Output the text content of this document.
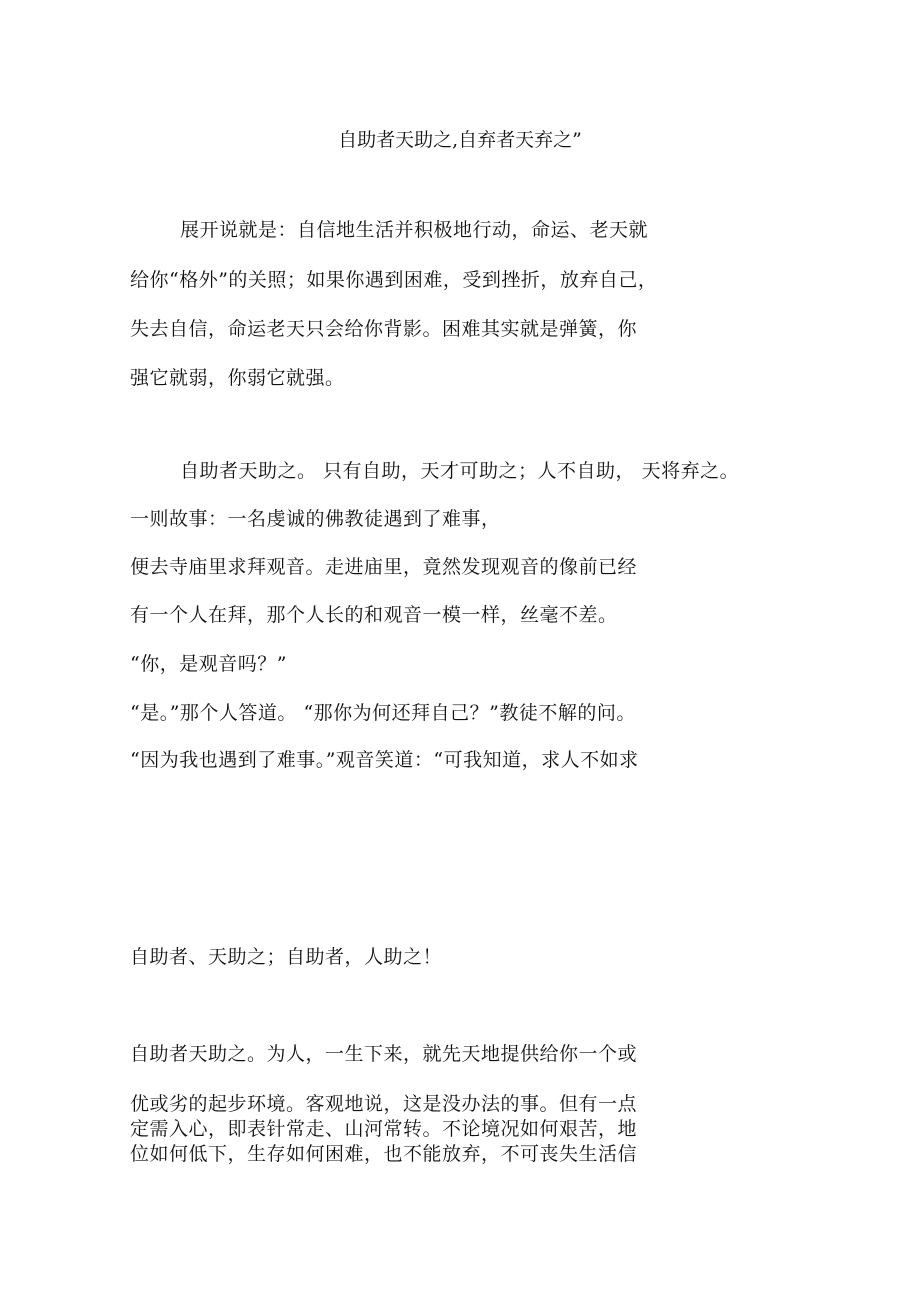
自助者天助之,自弃者天弃之”
展开说就是：自信地生活并积极地行动，命运、老天就
给你“格外”的关照；如果你遇到困难，受到挫折，放弃自己，
失去自信，命运老天只会给你背影。困难其实就是弹簧，你
强它就弱，你弱它就强。
自助者天助之。 只有自助，天才可助之；人不自助， 天将弃之。
一则故事：一名虔诚的佛教徒遇到了难事，
便去寺庙里求拜观音。走进庙里，竟然发现观音的像前已经
有一个人在拜，那个人长的和观音一模一样，丝毫不差。
“你，是观音吗？”
“是。”那个人答道。 “那你为何还拜自己？”教徒不解的问。
“因为我也遇到了难事。”观音笑道：“可我知道，求人不如求
自助者、天助之；自助者，人助之！
自助者天助之。为人，一生下来，就先天地提供给你一个或
优或劣的起步环境。客观地说，这是没办法的事。但有一点
定需入心，即表针常走、山河常转。不论境况如何艰苦，地
位如何低下，生存如何困难，也不能放弃，不可丧失生活信
